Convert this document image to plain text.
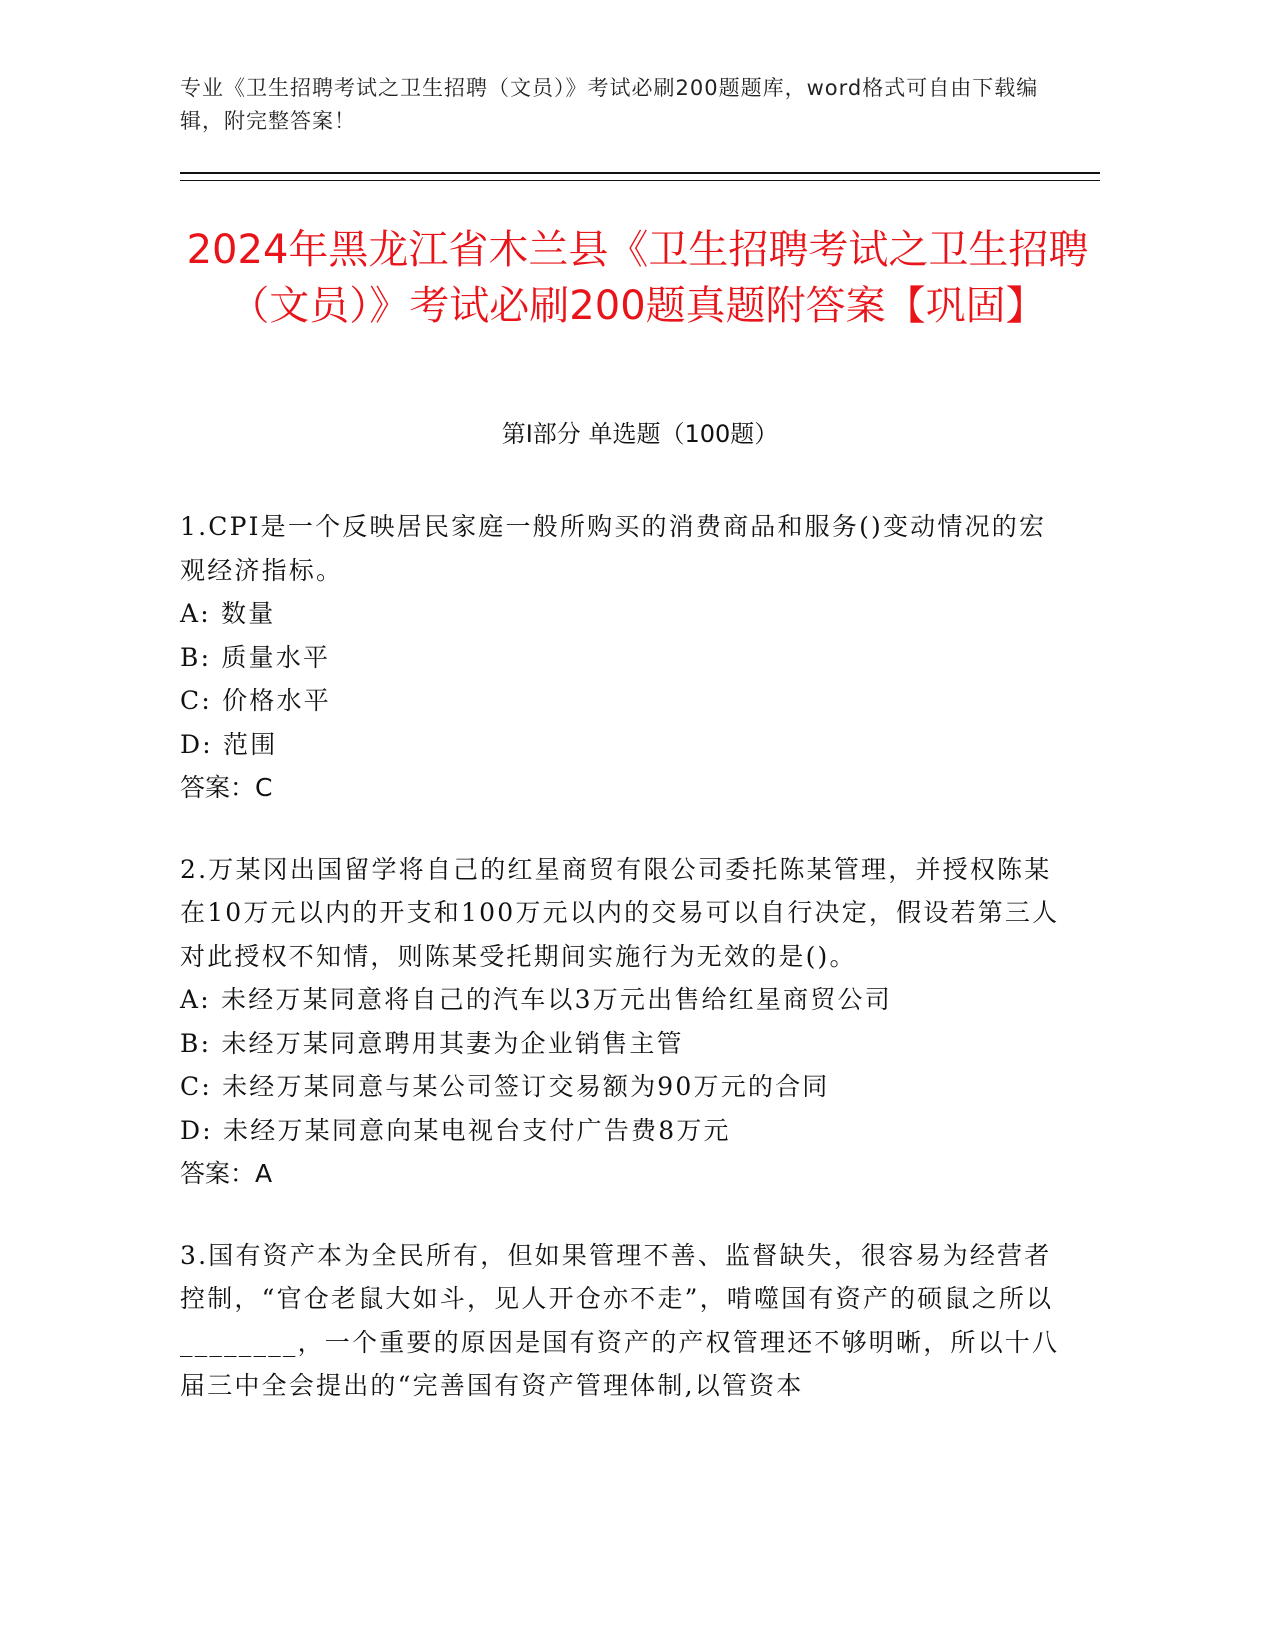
专业《卫生招聘考试之卫生招聘（文员）》考试必刷200题题库，word格式可自由下载编辑，附完整答案！
2024年黑龙江省木兰县《卫生招聘考试之卫生招聘（文员）》考试必刷200题真题附答案【巩固】
第Ⅰ部分 单选题（100题）

1.CPI是一个反映居民家庭一般所购买的消费商品和服务()变动情况的宏观经济指标。

A: 数量

B: 质量水平

C: 价格水平

D: 范围

答案：C

2.万某冈出国留学将自己的红星商贸有限公司委托陈某管理，并授权陈某在10万元以内的开支和100万元以内的交易可以自行决定，假设若第三人对此授权不知情，则陈某受托期间实施行为无效的是()。

A: 未经万某同意将自己的汽车以3万元出售给红星商贸公司

B: 未经万某同意聘用其妻为企业销售主管

C: 未经万某同意与某公司签订交易额为90万元的合同

D: 未经万某同意向某电视台支付广告费8万元

答案：A

3.国有资产本为全民所有，但如果管理不善、监督缺失，很容易为经营者控制，“官仓老鼠大如斗，见人开仓亦不走”，啃噬国有资产的硕鼠之所以________，一个重要的原因是国有资产的产权管理还不够明晰，所以十八届三中全会提出的“完善国有资产管理体制,以管资本
